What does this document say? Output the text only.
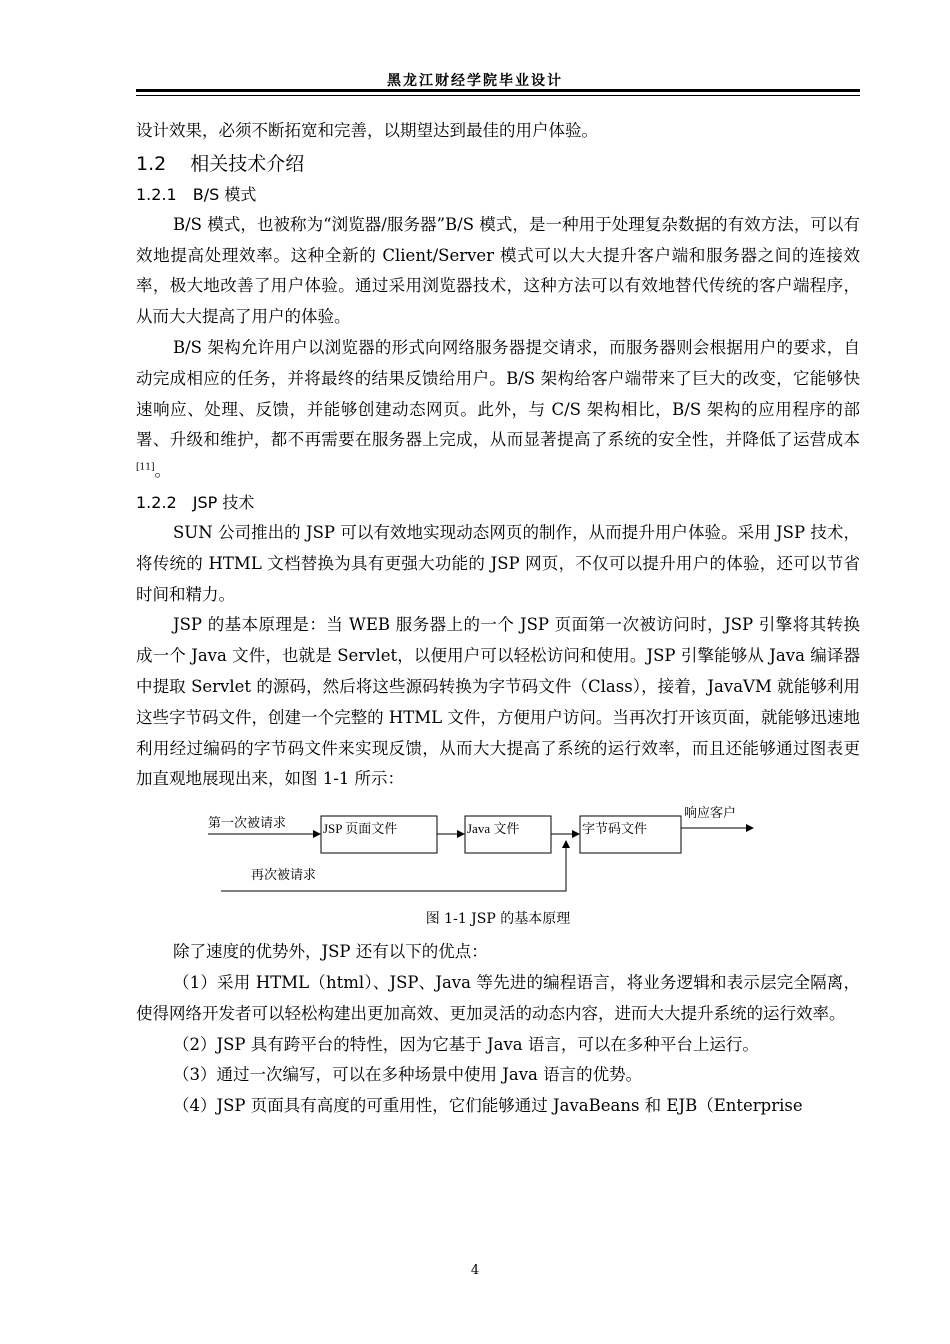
黑龙江财经学院毕业设计

设计效果，必须不断拓宽和完善，以期望达到最佳的用户体验。

1.2 相关技术介绍
1.2.1 B/S 模式

B/S 模式，也被称为“浏览器/服务器”B/S 模式，是一种用于处理复杂数据的有效方法，可以有效地提高处理效率。这种全新的 Client/Server 模式可以大大提升客户端和服务器之间的连接效率，极大地改善了用户体验。通过采用浏览器技术，这种方法可以有效地替代传统的客户端程序，从而大大提高了用户的体验。

B/S 架构允许用户以浏览器的形式向网络服务器提交请求，而服务器则会根据用户的要求，自动完成相应的任务，并将最终的结果反馈给用户。B/S 架构给客户端带来了巨大的改变，它能够快速响应、处理、反馈，并能够创建动态网页。此外，与 C/S 架构相比，B/S 架构的应用程序的部署、升级和维护，都不再需要在服务器上完成，从而显著提高了系统的安全性，并降低了运营成本[11]。

1.2.2 JSP 技术

SUN 公司推出的 JSP 可以有效地实现动态网页的制作，从而提升用户体验。采用 JSP 技术，将传统的 HTML 文档替换为具有更强大功能的 JSP 网页，不仅可以提升用户的体验，还可以节省时间和精力。

JSP 的基本原理是：当 WEB 服务器上的一个 JSP 页面第一次被访问时，JSP 引擎将其转换成一个 Java 文件，也就是 Servlet，以便用户可以轻松访问和使用。JSP 引擎能够从 Java 编译器中提取 Servlet 的源码，然后将这些源码转换为字节码文件（Class），接着，JavaVM 就能够利用这些字节码文件，创建一个完整的 HTML 文件，方便用户访问。当再次打开该页面，就能够迅速地利用经过编码的字节码文件来实现反馈，从而大大提高了系统的运行效率，而且还能够通过图表更加直观地展现出来，如图 1-1 所示：

第一次被请求	JSP 页面文件	Java 文件	字节码文件
响应客户
再次被请求
图 1-1 JSP 的基本原理

除了速度的优势外，JSP 还有以下的优点：

（1）采用 HTML（html）、JSP、Java 等先进的编程语言，将业务逻辑和表示层完全隔离，使得网络开发者可以轻松构建出更加高效、更加灵活的动态内容，进而大大提升系统的运行效率。

（2）JSP 具有跨平台的特性，因为它基于 Java 语言，可以在多种平台上运行。

（3）通过一次编写，可以在多种场景中使用 Java 语言的优势。

（4）JSP 页面具有高度的可重用性，它们能够通过 JavaBeans 和 EJB（Enterprise

4
